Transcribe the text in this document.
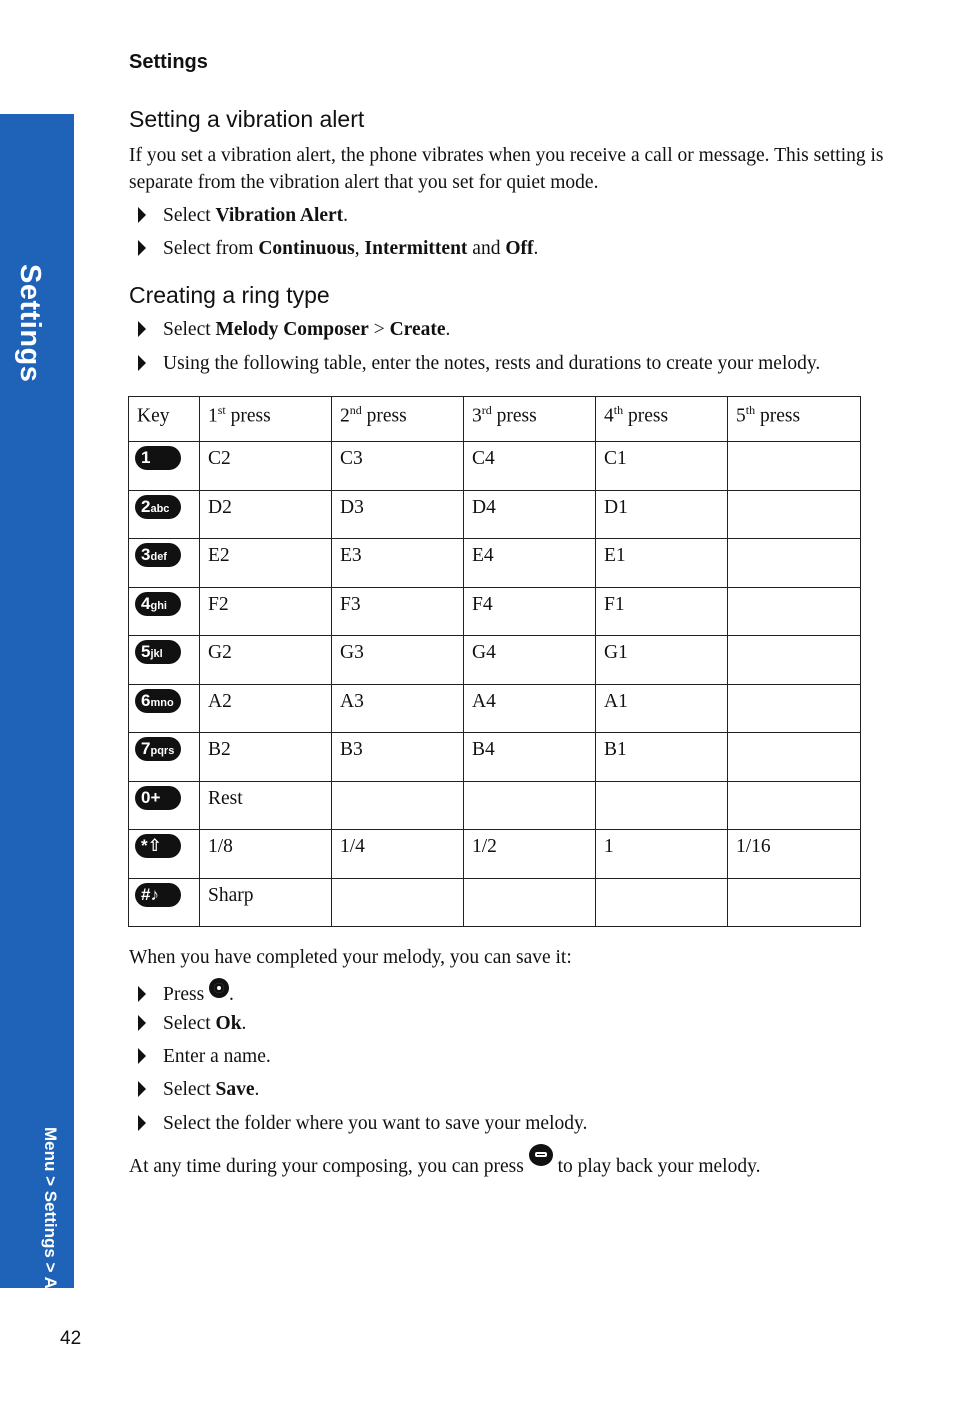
Settings
Menu > Settings > Alerts
Settings
Setting a vibration alert
If you set a vibration alert, the phone vibrates when you receive a call or message. This setting is separate from the vibration alert that you set for quiet mode.
Select Vibration Alert.
Select from Continuous, Intermittent and Off.
Creating a ring type
Select Melody Composer > Create.
Using the following table, enter the notes, rests and durations to create your melody.
Key	1st press	2nd press	3rd press	4th press	5th press
1	C2	C3	C4	C1	
2abc	D2	D3	D4	D1	
3def	E2	E3	E4	E1	
4ghi	F2	F3	F4	F1	
5jkl	G2	G3	G4	G1	
6mno	A2	A3	A4	A1	
7pqrs	B2	B3	B4	B1	
0+	Rest				
*⇧	1/8	1/4	1/2	1	1/16
#♪	Sharp				
When you have completed your melody, you can save it:
Press .
Select Ok.
Enter a name.
Select Save.
Select the folder where you want to save your melody.
At any time during your composing, you can press  to play back your melody.
42
